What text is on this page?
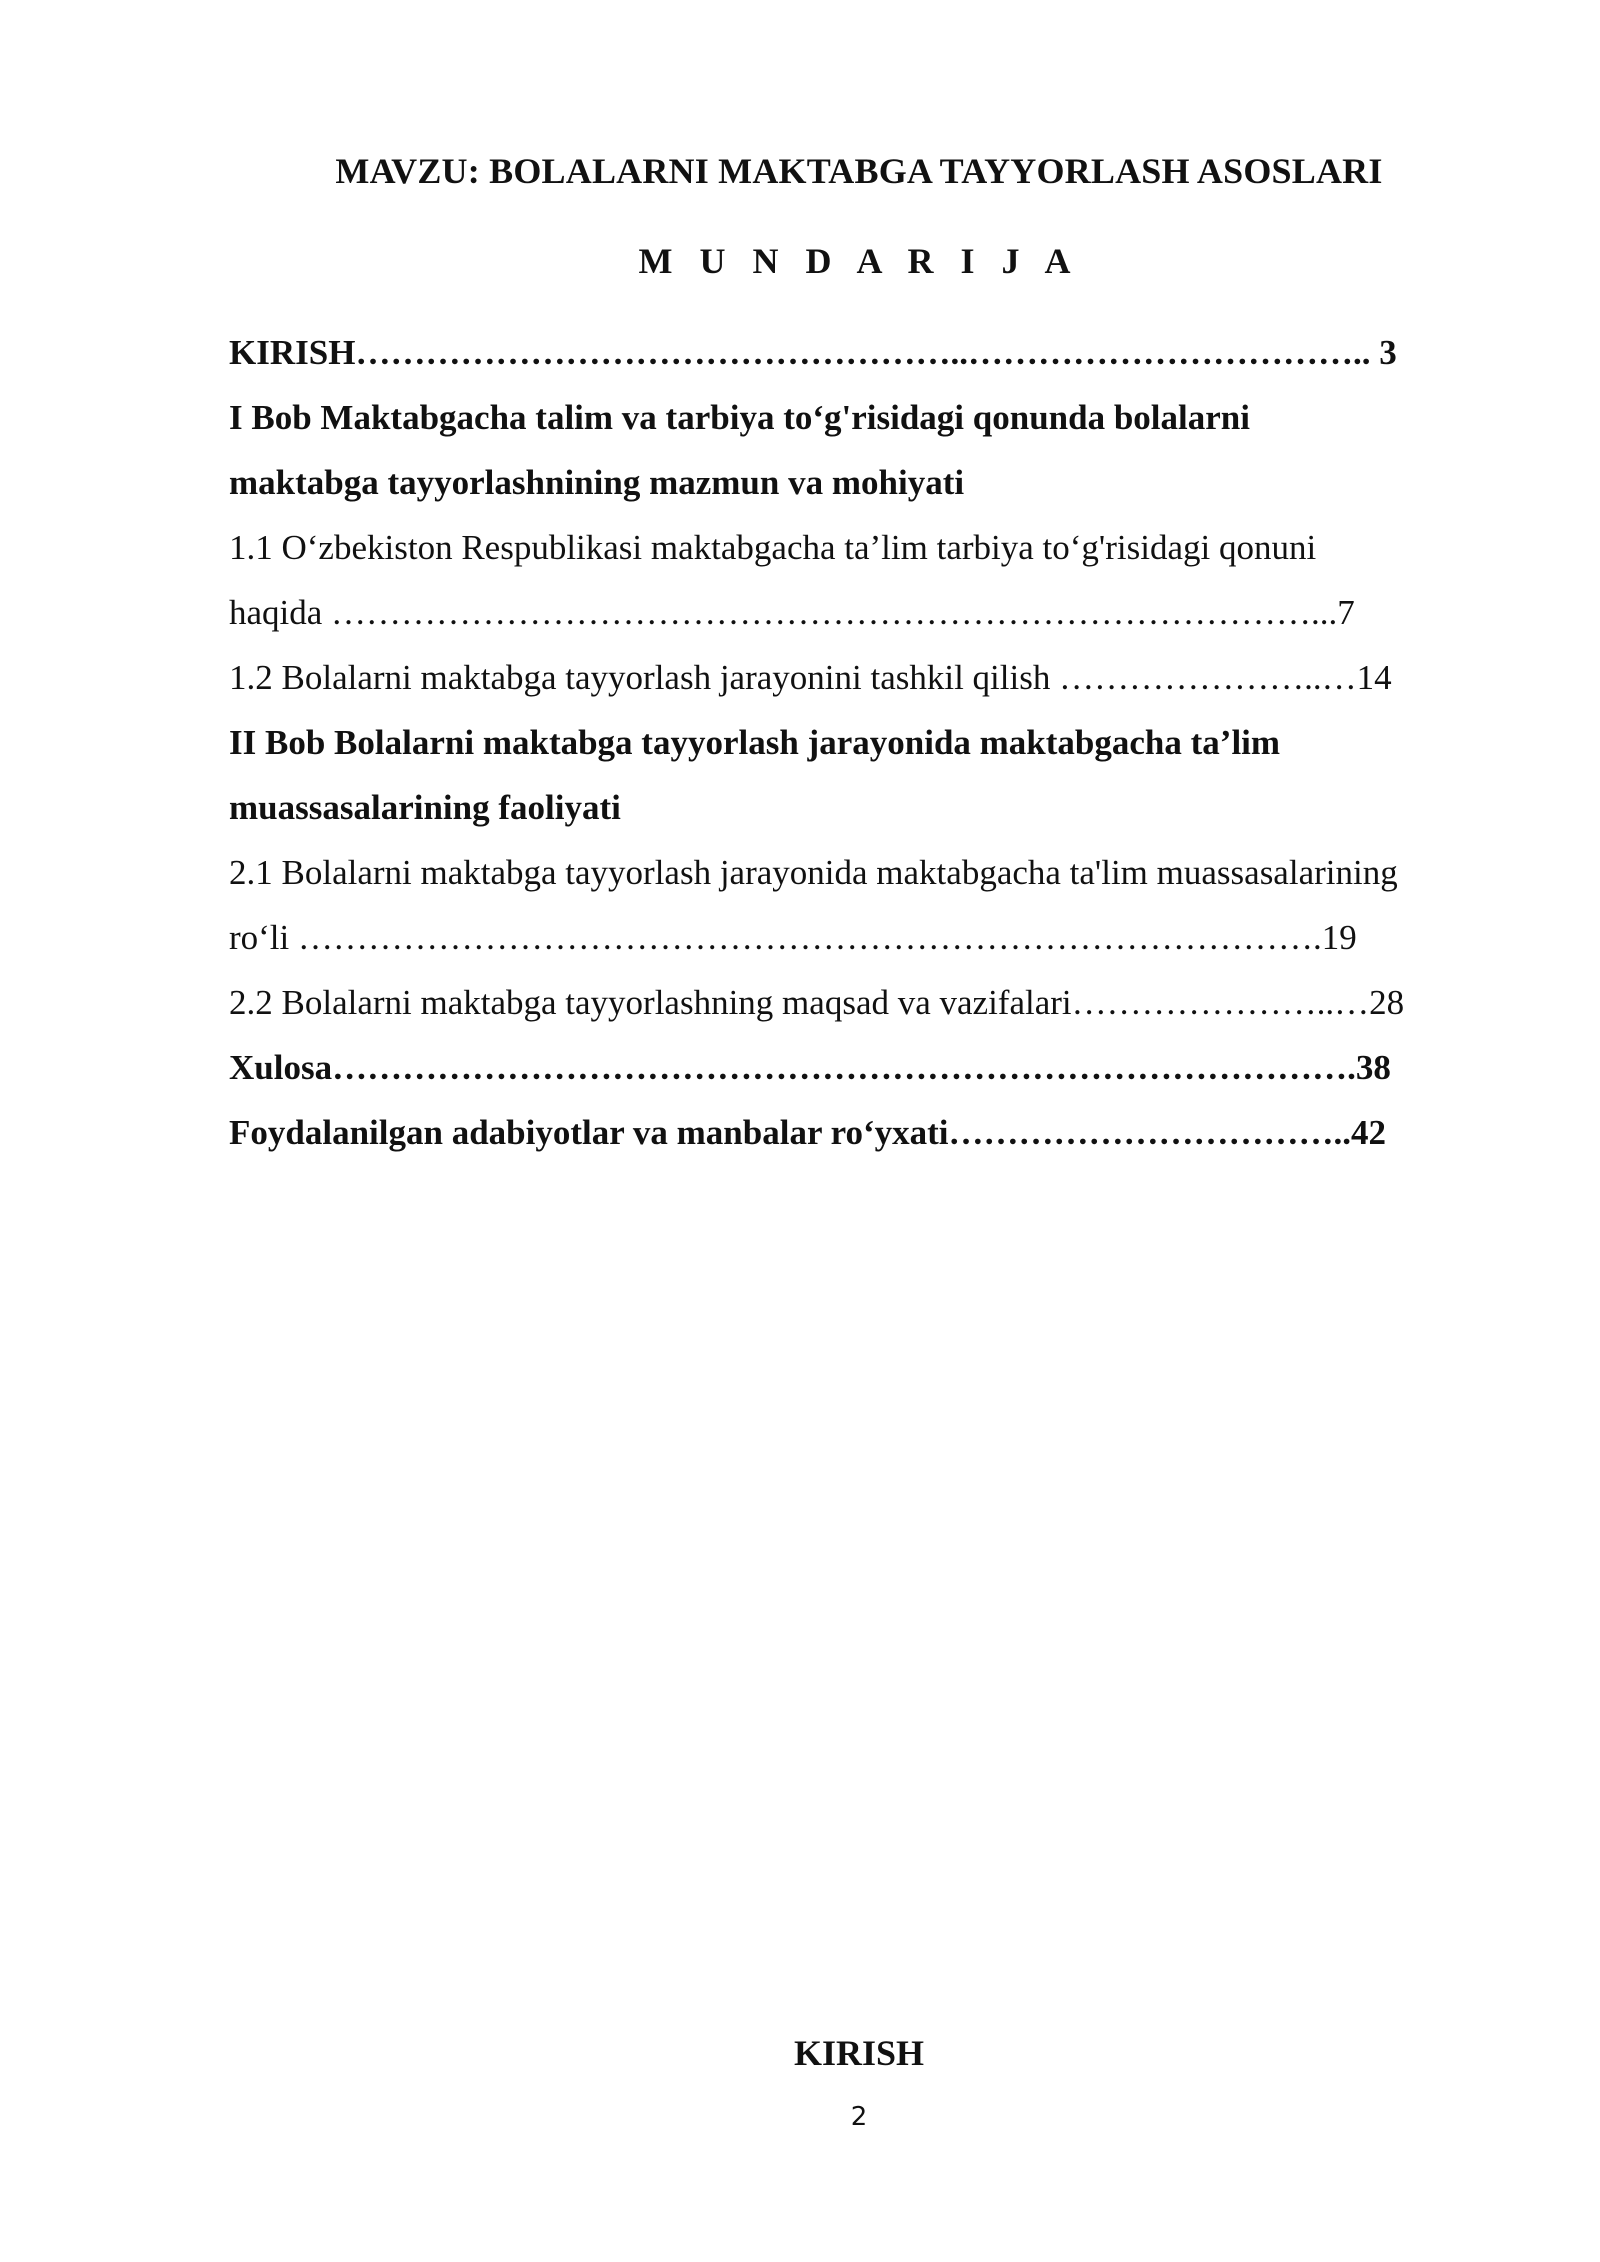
MAVZU: BOLALARNI MAKTABGA TAYYORLASH ASOSLARI
M U N D A R I J A
KIRISH……………………………………………..…………………………….. 3
I Bob Maktabgacha talim va tarbiya to‘g'risidagi qonunda bolalarni
maktabga tayyorlashnining mazmun va mohiyati
1.1 O‘zbekiston Respublikasi maktabgacha ta’lim tarbiya to‘g'risidagi qonuni
haqida …………………………………………………………………………...7
1.2 Bolalarni maktabga tayyorlash jarayonini tashkil qilish …………………..…14
II Bob Bolalarni maktabga tayyorlash jarayonida maktabgacha ta’lim
muassasalarining faoliyati
2.1 Bolalarni maktabga tayyorlash jarayonida maktabgacha ta'lim muassasalarining
ro‘li …………………………………………………………………………….19
2.2 Bolalarni maktabga tayyorlashning maqsad va vazifalari…………………..…28
Xulosa…………………………………………………………………………….38
Foydalanilgan adabiyotlar va manbalar ro‘yxati……………………………..42
KIRISH
2
